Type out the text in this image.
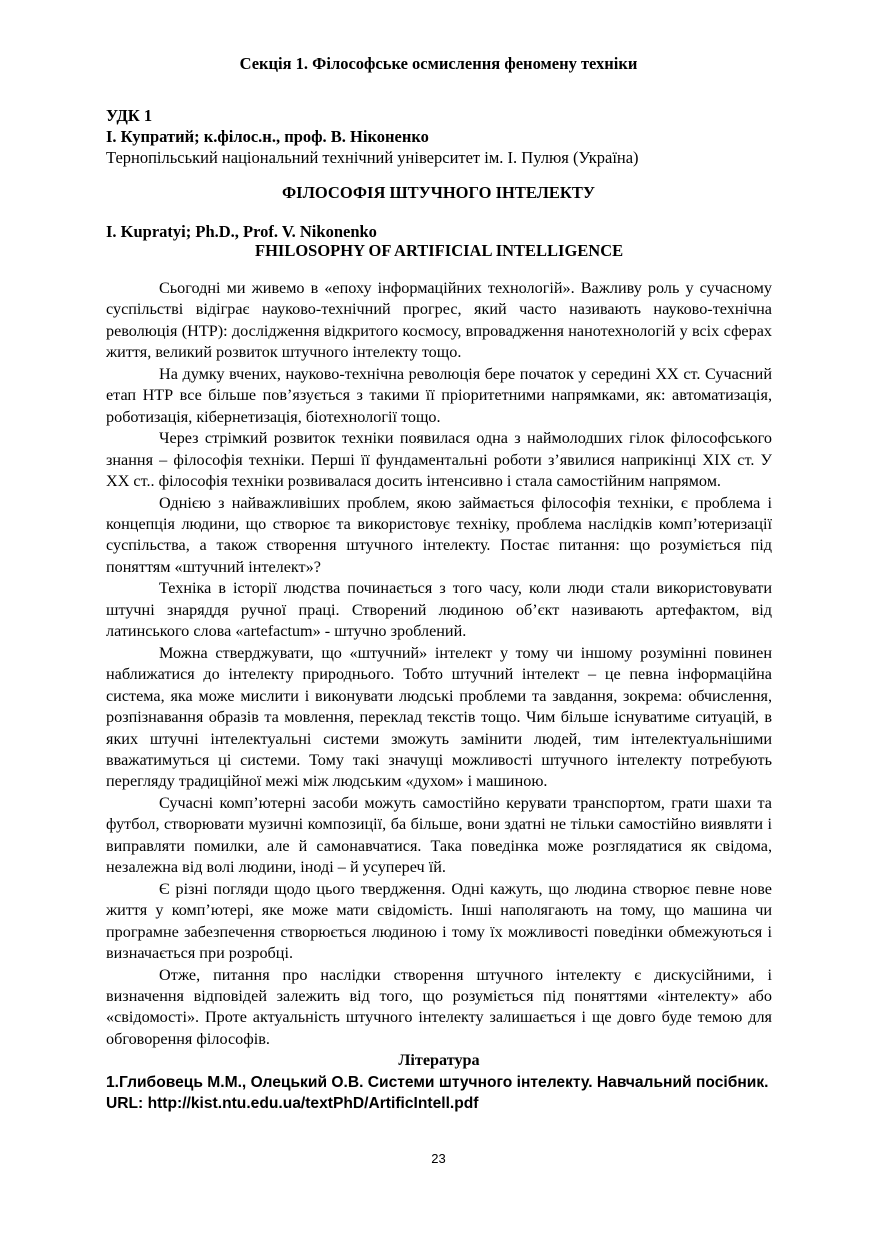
Секція 1. Філософське осмислення феномену техніки
УДК 1
І. Купратий; к.філос.н., проф. В. Ніконенко
Тернопільський національний технічний університет ім. І. Пулюя (Україна)
ФІЛОСОФІЯ ШТУЧНОГО ІНТЕЛЕКТУ
I. Kupratyi; Ph.D., Prof. V. Nikonenko
FHILOSOPHY OF ARTIFICIAL INTELLIGENCE

Сьогодні ми живемо в «епоху інформаційних технологій». Важливу роль у сучасному суспільстві відіграє науково-технічний прогрес, який часто називають науково-технічна революція (НТР): дослідження відкритого космосу, впровадження нанотехнологій у всіх сферах життя, великий розвиток штучного інтелекту тощо.

На думку вчених, науково-технічна революція бере початок у середині ХХ ст. Сучасний етап НТР все більше пов’язується з такими її пріоритетними напрямками, як: автоматизація, роботизація, кібернетизація, біотехнології тощо.

Через стрімкий розвиток техніки появилася одна з наймолодших гілок філософського знання – філософія техніки. Перші її фундаментальні роботи з’явилися наприкінці ХІХ ст. У ХХ ст.. філософія техніки розвивалася досить інтенсивно і стала самостійним напрямом.

Однією з найважливіших проблем, якою займається філософія техніки, є проблема і концепція людини, що створює та використовує техніку, проблема наслідків комп’ютеризації суспільства, а також створення штучного інтелекту. Постає питання: що розуміється під поняттям «штучний інтелект»?

Техніка в історії людства починається з того часу, коли люди стали використовувати штучні знаряддя ручної праці. Створений людиною об’єкт називають артефактом, від латинського слова «artefactum» - штучно зроблений.

Можна стверджувати, що «штучний» інтелект у тому чи іншому розумінні повинен наближатися до інтелекту природнього. Тобто штучний інтелект – це певна інформаційна система, яка може мислити і виконувати людські проблеми та завдання, зокрема: обчислення, розпізнавання образів та мовлення, переклад текстів тощо. Чим більше існуватиме ситуацій, в яких штучні інтелектуальні системи зможуть замінити людей, тим інтелектуальнішими вважатимуться ці системи. Тому такі значущі можливості штучного інтелекту потребують перегляду традиційної межі між людським «духом» і машиною.

Сучасні комп’ютерні засоби можуть самостійно керувати транспортом, грати шахи та футбол, створювати музичні композиції, ба більше, вони здатні не тільки самостійно виявляти і виправляти помилки, але й самонавчатися. Така поведінка може розглядатися як свідома, незалежна від волі людини, іноді – й усупереч їй.

Є різні погляди щодо цього твердження. Одні кажуть, що людина створює певне нове життя у комп’ютері, яке може мати свідомість. Інші наполягають на тому, що машина чи програмне забезпечення створюється людиною і тому їх можливості поведінки обмежуються і визначається при розробці.

Отже, питання про наслідки створення штучного інтелекту є дискусійними, і визначення відповідей залежить від того, що розуміється під поняттями «інтелекту» або «свідомості». Проте актуальність штучного інтелекту залишається і ще довго буде темою для обговорення філософів.

Література
1.Глибовець М.М., Олецький О.В. Системи штучного інтелекту. Навчальний посібник. URL: http://kist.ntu.edu.ua/textPhD/ArtificIntell.pdf
23
